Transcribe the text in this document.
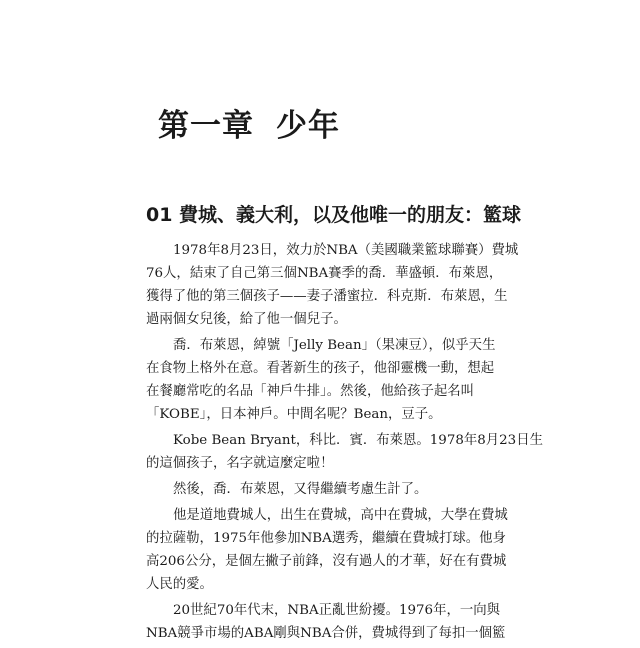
第一章 少年
01 費城、義大利，以及他唯一的朋友：籃球

1978年8月23日，效力於NBA（美國職業籃球聯賽）費城
76人，結束了自己第三個NBA賽季的喬．華盛頓．布萊恩，
獲得了他的第三個孩子——妻子潘蜜拉．科克斯．布萊恩，生
過兩個女兒後，給了他一個兒子。

喬．布萊恩，綽號「Jelly Bean」（果凍豆），似乎天生
在食物上格外在意。看著新生的孩子，他卻靈機一動，想起
在餐廳常吃的名品「神戶牛排」。然後，他給孩子起名叫
「KOBE」，日本神戶。中間名呢？Bean，豆子。

Kobe Bean Bryant，科比．賓．布萊恩。1978年8月23日生
的這個孩子，名字就這麼定啦！

然後，喬．布萊恩，又得繼續考慮生計了。

他是道地費城人，出生在費城，高中在費城，大學在費城
的拉薩勒，1975年他參加NBA選秀，繼續在費城打球。他身
高206公分，是個左撇子前鋒，沒有過人的才華，好在有費城
人民的愛。

20世紀70年代末，NBA正亂世紛擾。1976年，一向與
NBA競爭市場的ABA剛與NBA合併，費城得到了每扣一個籃
